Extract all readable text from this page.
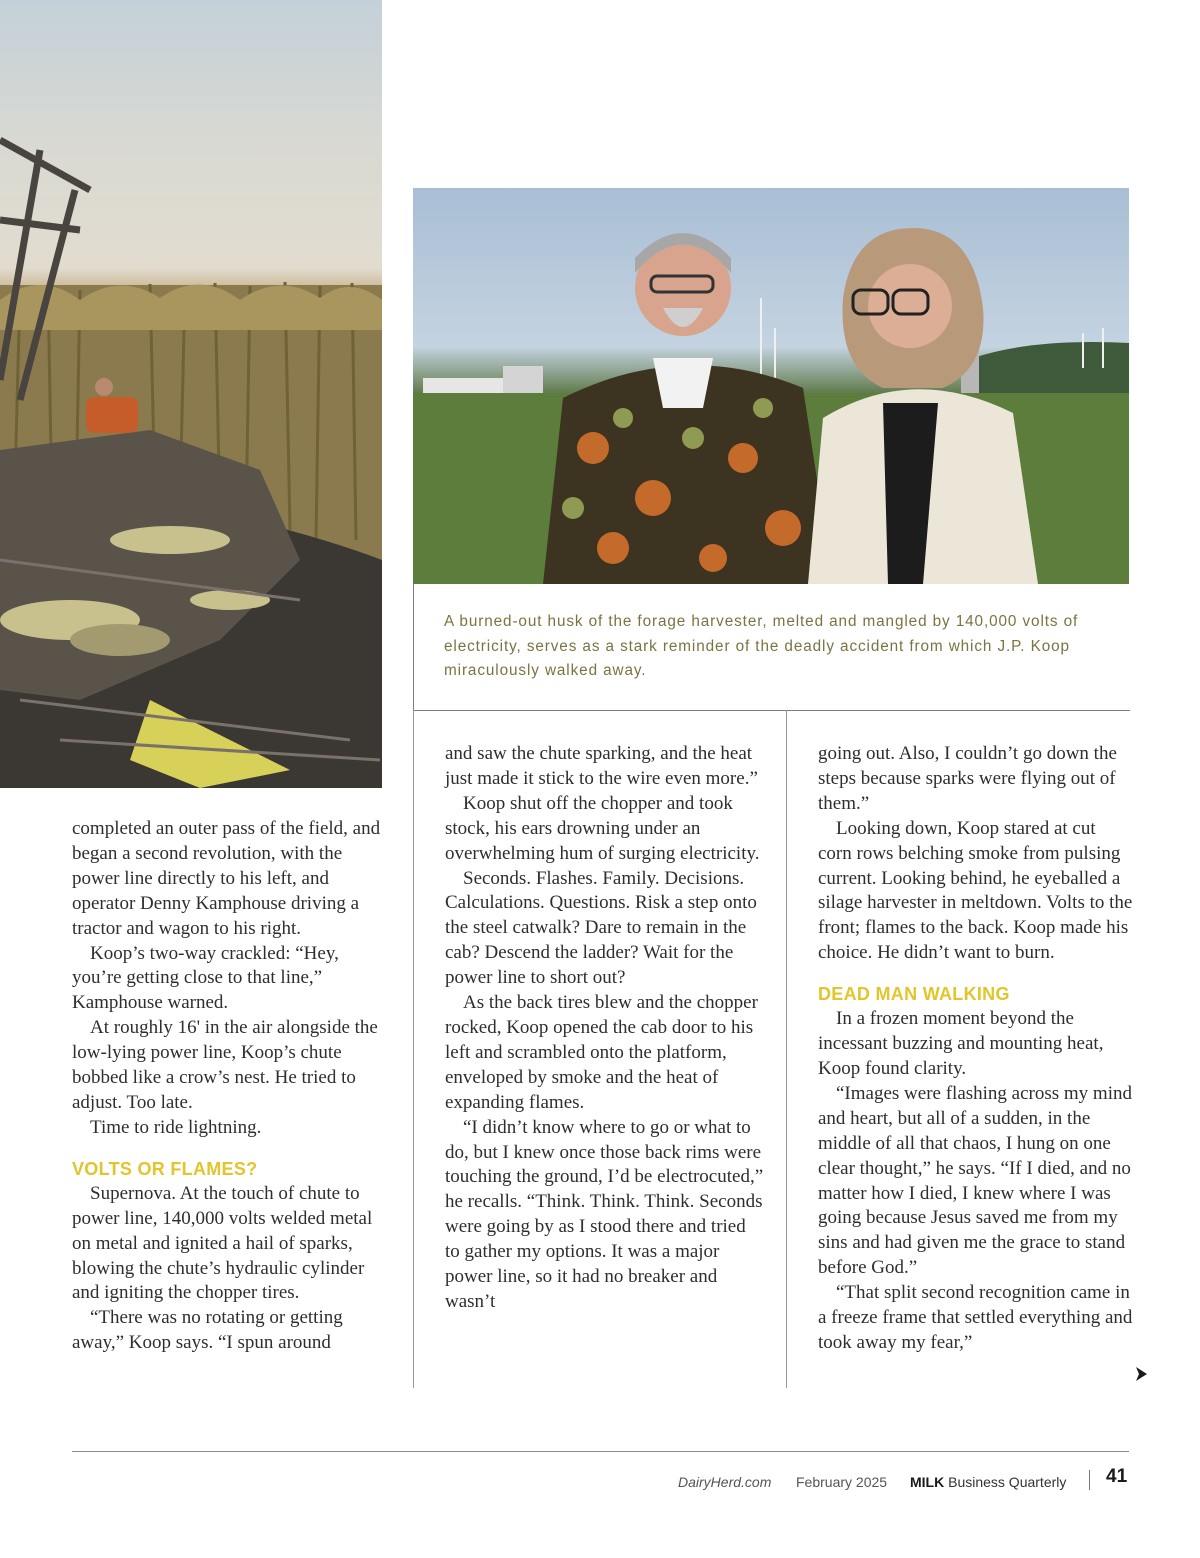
A burned-out husk of the forage harvester, melted and mangled by 140,000 volts of electricity, serves as a stark reminder of the deadly accident from which J.P. Koop miraculously walked away.

completed an outer pass of the field, and began a second revolution, with the power line directly to his left, and operator Denny Kamphouse driving a tractor and wagon to his right.

Koop’s two-way crackled: “Hey, you’re getting close to that line,” Kamphouse warned.

At roughly 16' in the air alongside the low-lying power line, Koop’s chute bobbed like a crow’s nest. He tried to adjust. Too late.

Time to ride lightning.

VOLTS OR FLAMES?

Supernova. At the touch of chute to power line, 140,000 volts welded metal on metal and ignited a hail of sparks, blowing the chute’s hydraulic cylinder and igniting the chopper tires.

“There was no rotating or getting away,” Koop says. “I spun around

and saw the chute sparking, and the heat just made it stick to the wire even more.”

Koop shut off the chopper and took stock, his ears drowning under an overwhelming hum of surging electricity.

Seconds. Flashes. Family. Decisions. Calculations. Questions. Risk a step onto the steel catwalk? Dare to remain in the cab? Descend the ladder? Wait for the power line to short out?

As the back tires blew and the chopper rocked, Koop opened the cab door to his left and scrambled onto the platform, enveloped by smoke and the heat of expanding flames.

“I didn’t know where to go or what to do, but I knew once those back rims were touching the ground, I’d be electrocuted,” he recalls. “Think. Think. Think. Seconds were going by as I stood there and tried to gather my options. It was a major power line, so it had no breaker and wasn’t

going out. Also, I couldn’t go down the steps because sparks were flying out of them.”

Looking down, Koop stared at cut corn rows belching smoke from pulsing current. Looking behind, he eyeballed a silage harvester in meltdown. Volts to the front; flames to the back. Koop made his choice. He didn’t want to burn.

DEAD MAN WALKING

In a frozen moment beyond the incessant buzzing and mounting heat, Koop found clarity.

“Images were flashing across my mind and heart, but all of a sudden, in the middle of all that chaos, I hung on one clear thought,” he says. “If I died, and no matter how I died, I knew where I was going because Jesus saved me from my sins and had given me the grace to stand before God.”

“That split second recognition came in a freeze frame that settled everything and took away my fear,”

DairyHerd.com February 2025 MILK Business Quarterly 41
